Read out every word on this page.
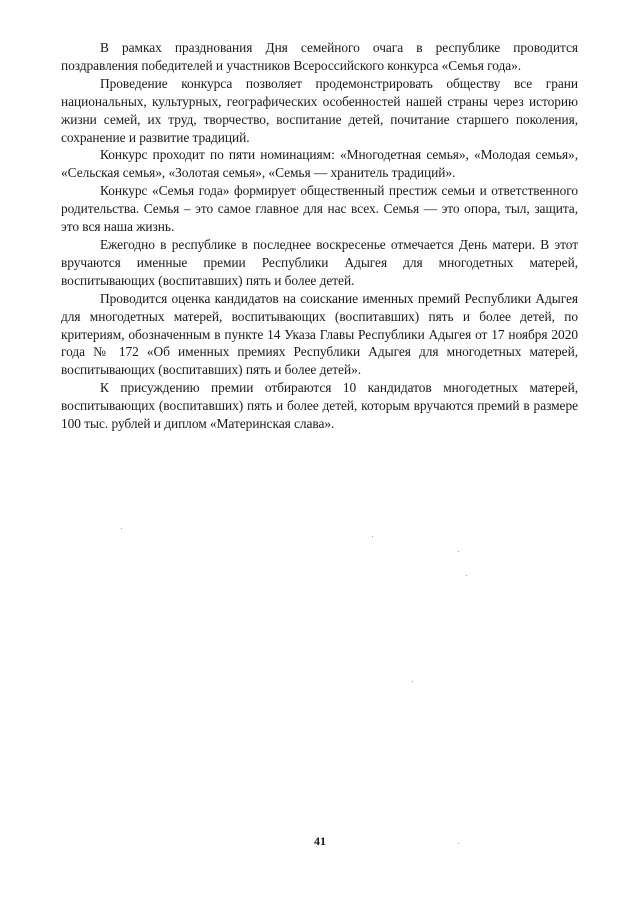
В рамках празднования Дня семейного очага в республике проводится поздравления победителей и участников Всероссийского конкурса «Семья года».

Проведение конкурса позволяет продемонстрировать обществу все грани национальных, культурных, географических особенностей нашей страны через историю жизни семей, их труд, творчество, воспитание детей, почитание старшего поколения, сохранение и развитие традиций.

Конкурс проходит по пяти номинациям: «Многодетная семья», «Молодая семья», «Сельская семья», «Золотая семья», «Семья — хранитель традиций».

Конкурс «Семья года» формирует общественный престиж семьи и ответственного родительства. Семья – это самое главное для нас всех. Семья — это опора, тыл, защита, это вся наша жизнь.

Ежегодно в республике в последнее воскресенье отмечается День матери. В этот вручаются именные премии Республики Адыгея для многодетных матерей, воспитывающих (воспитавших) пять и более детей.

Проводится оценка кандидатов на соискание именных премий Республики Адыгея для многодетных матерей, воспитывающих (воспитавших) пять и более детей, по критериям, обозначенным в пункте 14 Указа Главы Республики Адыгея от 17 ноября 2020 года № 172 «Об именных премиях Республики Адыгея для многодетных матерей, воспитывающих (воспитавших) пять и более детей».

К присуждению премии отбираются 10 кандидатов многодетных матерей, воспитывающих (воспитавших) пять и более детей, которым вручаются премий в размере 100 тыс. рублей и диплом «Материнская слава».

41
